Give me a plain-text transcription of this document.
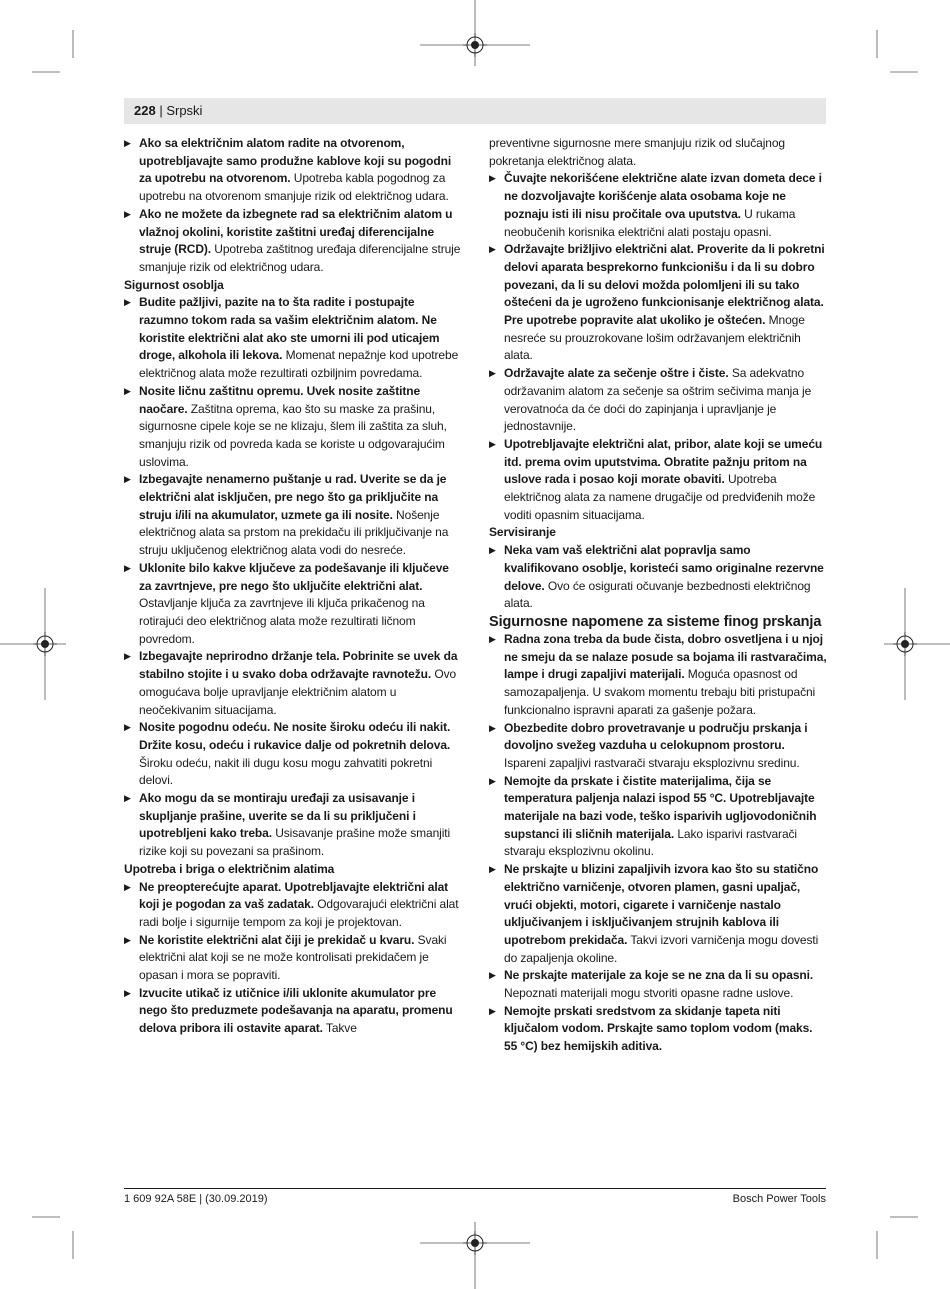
228 | Srpski

▶ Ako sa električnim alatom radite na otvorenom, upotrebljavajte samo produžne kablove koji su pogodni za upotrebu na otvorenom. Upotreba kabla pogodnog za upotrebu na otvorenom smanjuje rizik od električnog udara.

▶ Ako ne možete da izbegnete rad sa električnim alatom u vlažnoj okolini, koristite zaštitni uređaj diferencijalne struje (RCD). Upotreba zaštitnog uređaja diferencijalne struje smanjuje rizik od električnog udara.

Sigurnost osoblja

▶ Budite pažljivi, pazite na to šta radite i postupajte razumno tokom rada sa vašim električnim alatom. Ne koristite električni alat ako ste umorni ili pod uticajem droge, alkohola ili lekova. Momenat nepažnje kod upotrebe električnog alata može rezultirati ozbiljnim povredama.

▶ Nosite ličnu zaštitnu opremu. Uvek nosite zaštitne naočare. Zaštitna oprema, kao što su maske za prašinu, sigurnosne cipele koje se ne klizaju, šlem ili zaštita za sluh, smanjuju rizik od povreda kada se koriste u odgovarajućim uslovima.

▶ Izbegavajte nenamerno puštanje u rad. Uverite se da je električni alat isključen, pre nego što ga priključite na struju i/ili na akumulator, uzmete ga ili nosite. Nošenje električnog alata sa prstom na prekidaču ili priključivanje na struju uključenog električnog alata vodi do nesreće.

▶ Uklonite bilo kakve ključeve za podešavanje ili ključeve za zavrtnjeve, pre nego što uključite električni alat. Ostavljanje ključa za zavrtnjeve ili ključa prikačenog na rotirajući deo električnog alata može rezultirati ličnom povredom.

▶ Izbegavajte neprirodno držanje tela. Pobrinite se uvek da stabilno stojite i u svako doba održavajte ravnotežu. Ovo omogućava bolje upravljanje električnim alatom u neočekivanim situacijama.

▶ Nosite pogodnu odeću. Ne nosite široku odeću ili nakit. Držite kosu, odeću i rukavice dalje od pokretnih delova. Široku odeću, nakit ili dugu kosu mogu zahvatiti pokretni delovi.

▶ Ako mogu da se montiraju uređaji za usisavanje i skupljanje prašine, uverite se da li su priključeni i upotrebljeni kako treba. Usisavanje prašine može smanjiti rizike koji su povezani sa prašinom.

Upotreba i briga o električnim alatima

▶ Ne preopterećujte aparat. Upotrebljavajte električni alat koji je pogodan za vaš zadatak. Odgovarajući električni alat radi bolje i sigurnije tempom za koji je projektovan.

▶ Ne koristite električni alat čiji je prekidač u kvaru. Svaki električni alat koji se ne može kontrolisati prekidačem je opasan i mora se popraviti.

▶ Izvucite utikač iz utičnice i/ili uklonite akumulator pre nego što preduzmete podešavanja na aparatu, promenu delova pribora ili ostavite aparat. Takve

preventivne sigurnosne mere smanjuju rizik od slučajnog pokretanja električnog alata.

▶ Čuvajte nekorišćene električne alate izvan dometa dece i ne dozvoljavajte korišćenje alata osobama koje ne poznaju isti ili nisu pročitale ova uputstva. U rukama neobučenih korisnika električni alati postaju opasni.

▶ Održavajte brižljivo električni alat. Proverite da li pokretni delovi aparata besprekorno funkcionišu i da li su dobro povezani, da li su delovi možda polomljeni ili su tako oštećeni da je ugroženo funkcionisanje električnog alata. Pre upotrebe popravite alat ukoliko je oštećen. Mnoge nesreće su prouzrokovane lošim održavanjem električnih alata.

▶ Održavajte alate za sečenje oštre i čiste. Sa adekvatno održavanim alatom za sečenje sa oštrim sečivima manja je verovatnoća da će doći do zapinjanja i upravljanje je jednostavnije.

▶ Upotrebljavajte električni alat, pribor, alate koji se umeću itd. prema ovim uputstvima. Obratite pažnju pritom na uslove rada i posao koji morate obaviti. Upotreba električnog alata za namene drugačije od predviđenih može voditi opasnim situacijama.

Servisiranje

▶ Neka vam vaš električni alat popravlja samo kvalifikovano osoblje, koristeći samo originalne rezervne delove. Ovo će osigurati očuvanje bezbednosti električnog alata.

Sigurnosne napomene za sisteme finog prskanja

▶ Radna zona treba da bude čista, dobro osvetljena i u njoj ne smeju da se nalaze posude sa bojama ili rastvaračima, lampe i drugi zapaljivi materijali. Moguća opasnost od samozapaljenja. U svakom momentu trebaju biti pristupačni funkcionalno ispravni aparati za gašenje požara.

▶ Obezbedite dobro provetravanje u području prskanja i dovoljno svežeg vazduha u celokupnom prostoru. Ispareni zapaljivi rastvarači stvaraju eksplozivnu sredinu.

▶ Nemojte da prskate i čistite materijalima, čija se temperatura paljenja nalazi ispod 55 °C. Upotrebljavajte materijale na bazi vode, teško isparivih ugljovodoničnih supstanci ili sličnih materijala. Lako isparivi rastvarači stvaraju eksplozivnu okolinu.

▶ Ne prskajte u blizini zapaljivih izvora kao što su statično električno varničenje, otvoren plamen, gasni upaljač, vrući objekti, motori, cigarete i varničenje nastalo uključivanjem i isključivanjem strujnih kablova ili upotrebom prekidača. Takvi izvori varničenja mogu dovesti do zapaljenja okoline.

▶ Ne prskajte materijale za koje se ne zna da li su opasni. Nepoznati materijali mogu stvoriti opasne radne uslove.

▶ Nemojte prskati sredstvom za skidanje tapeta niti ključalom vodom. Prskajte samo toplom vodom (maks. 55 °C) bez hemijskih aditiva.

1 609 92A 58E | (30.09.2019)	Bosch Power Tools
